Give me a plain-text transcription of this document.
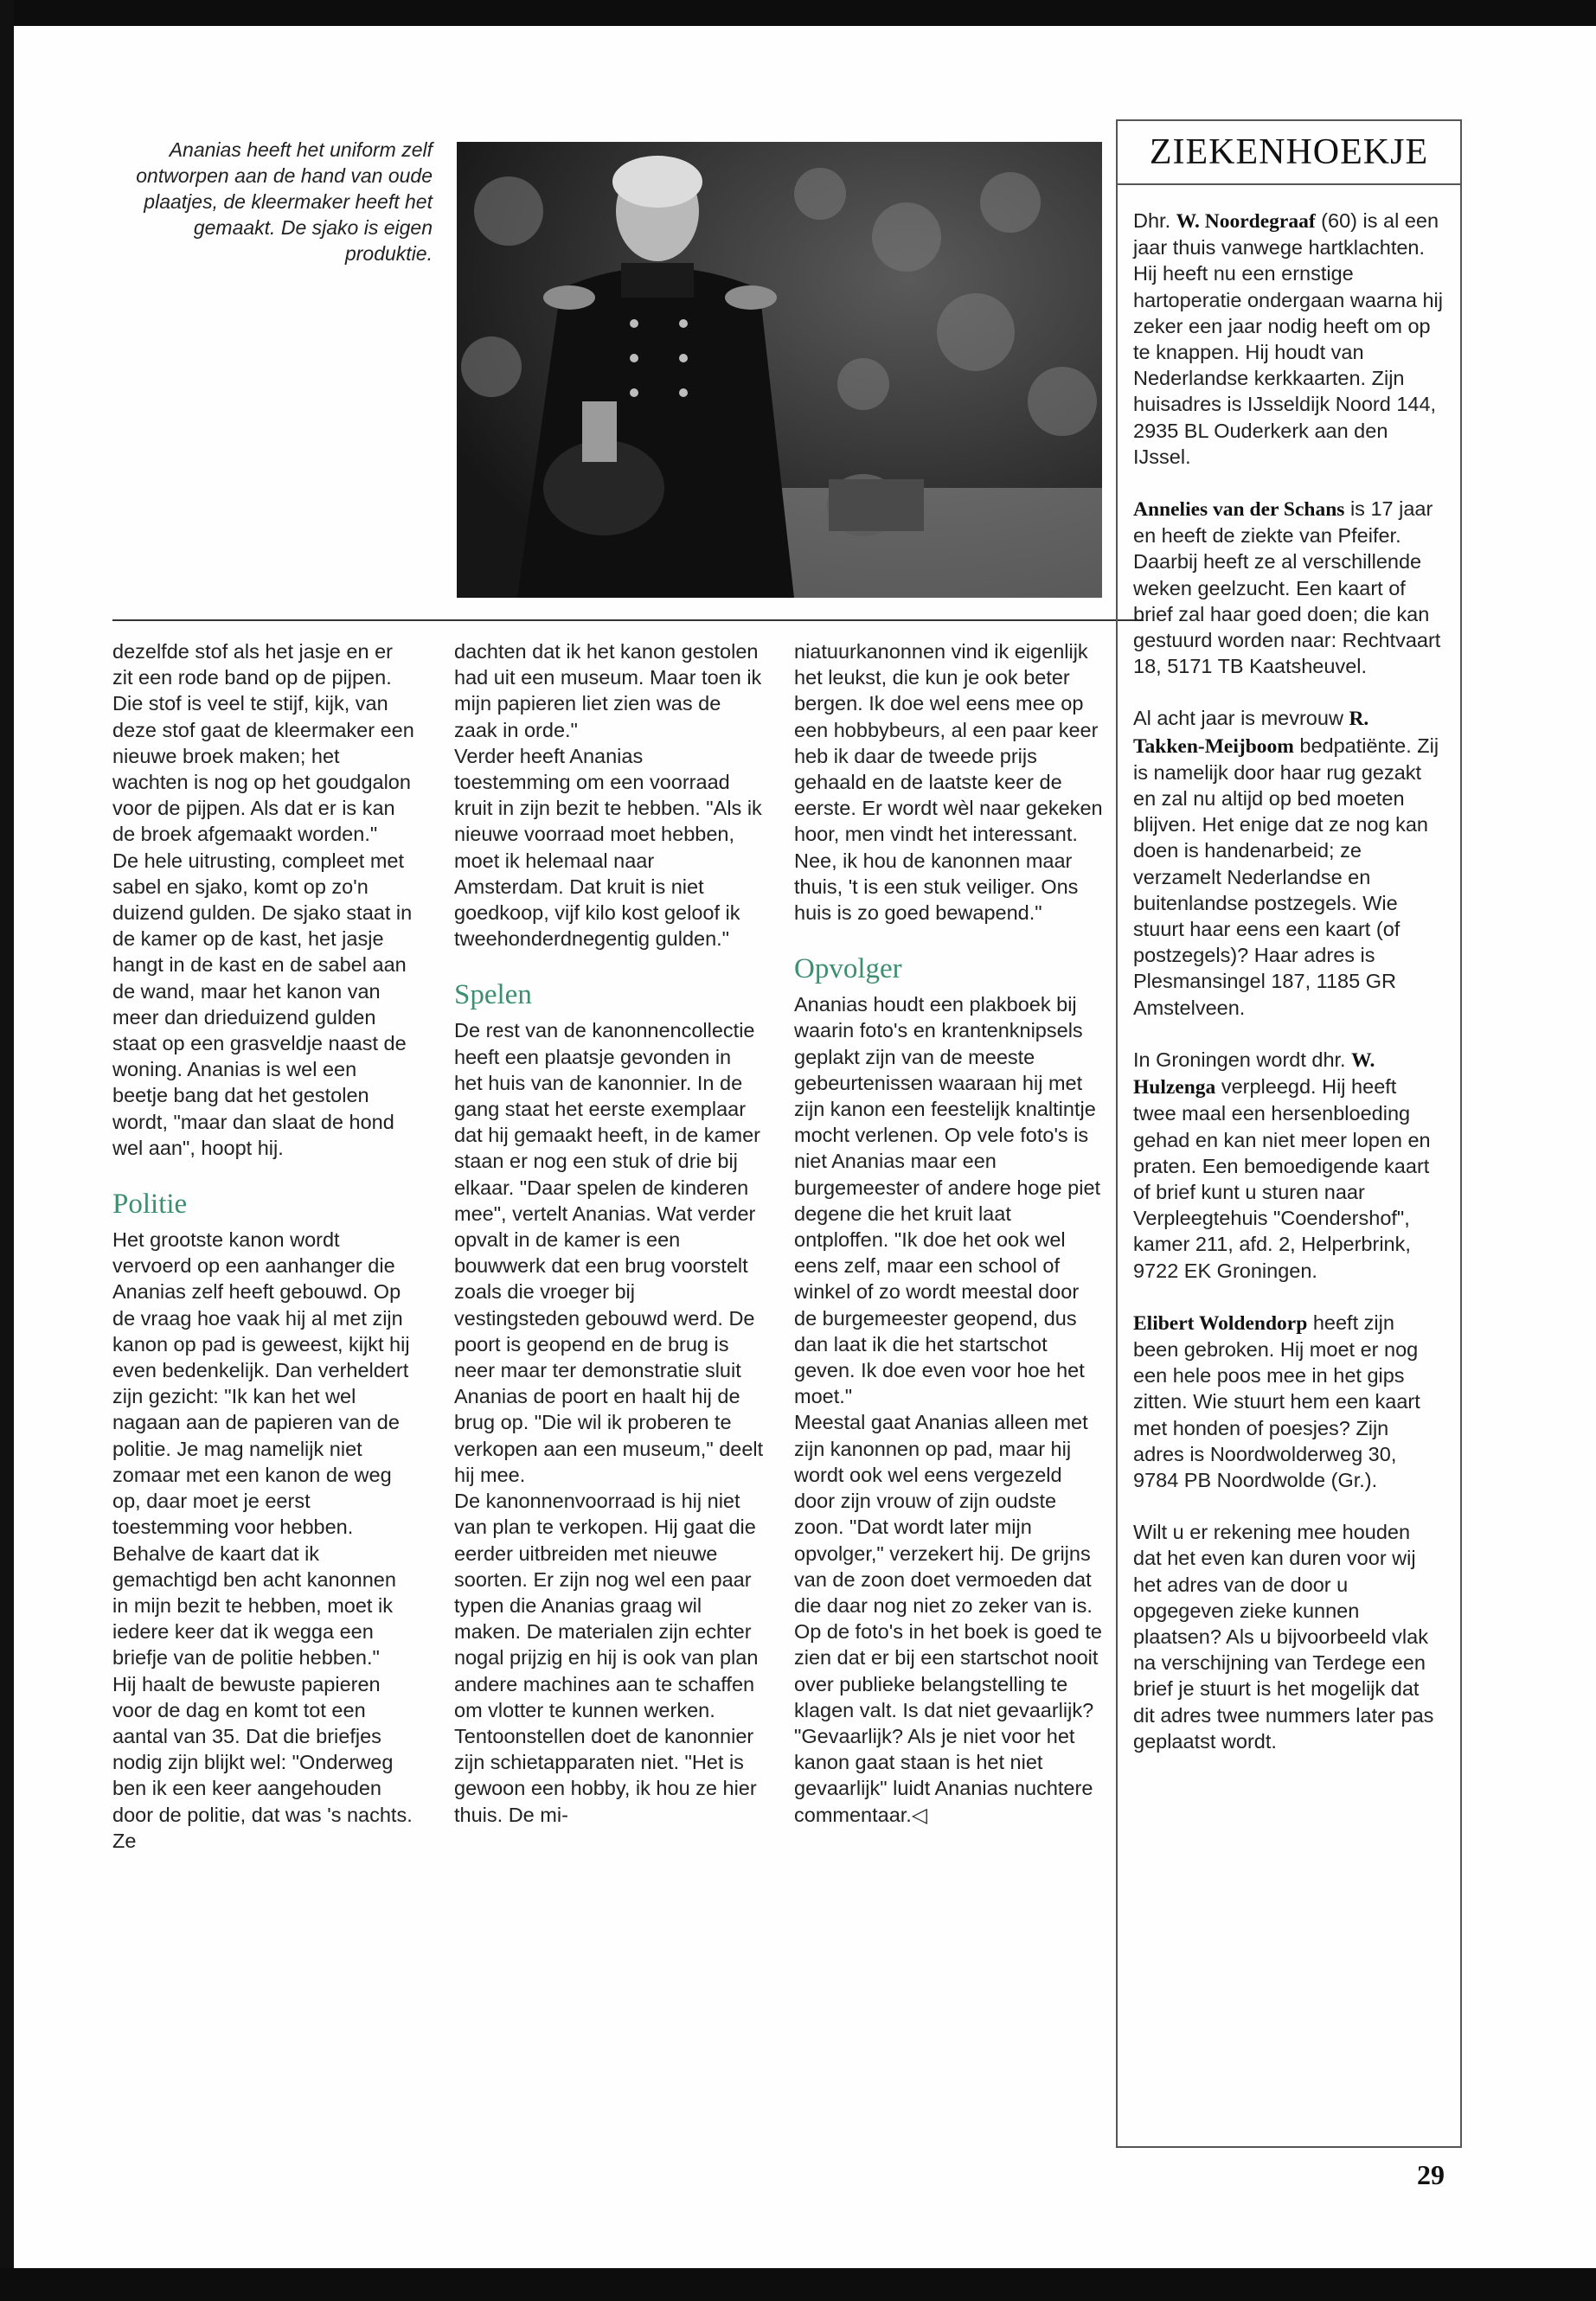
Ananias heeft het uniform zelf ontworpen aan de hand van oude plaatjes, de kleermaker heeft het gemaakt. De sjako is eigen produktie.

dezelfde stof als het jasje en er zit een rode band op de pijpen. Die stof is veel te stijf, kijk, van deze stof gaat de kleermaker een nieuwe broek maken; het wachten is nog op het goudgalon voor de pijpen. Als dat er is kan de broek afgemaakt worden."

De hele uitrusting, compleet met sabel en sjako, komt op zo'n duizend gulden. De sjako staat in de kamer op de kast, het jasje hangt in de kast en de sabel aan de wand, maar het kanon van meer dan drieduizend gulden staat op een grasveldje naast de woning. Ananias is wel een beetje bang dat het gestolen wordt, "maar dan slaat de hond wel aan", hoopt hij.

Politie

Het grootste kanon wordt vervoerd op een aanhanger die Ananias zelf heeft gebouwd. Op de vraag hoe vaak hij al met zijn kanon op pad is geweest, kijkt hij even bedenkelijk. Dan verheldert zijn gezicht: "Ik kan het wel nagaan aan de papieren van de politie. Je mag namelijk niet zomaar met een kanon de weg op, daar moet je eerst toestemming voor hebben. Behalve de kaart dat ik gemachtigd ben acht kanonnen in mijn bezit te hebben, moet ik iedere keer dat ik wegga een briefje van de politie hebben."

Hij haalt de bewuste papieren voor de dag en komt tot een aantal van 35. Dat die briefjes nodig zijn blijkt wel: "Onderweg ben ik een keer aangehouden door de politie, dat was 's nachts. Ze

dachten dat ik het kanon gestolen had uit een museum. Maar toen ik mijn papieren liet zien was de zaak in orde."

Verder heeft Ananias toestemming om een voorraad kruit in zijn bezit te hebben. "Als ik nieuwe voorraad moet hebben, moet ik helemaal naar Amsterdam. Dat kruit is niet goedkoop, vijf kilo kost geloof ik tweehonderdnegentig gulden."

Spelen

De rest van de kanonnencollectie heeft een plaatsje gevonden in het huis van de kanonnier. In de gang staat het eerste exemplaar dat hij gemaakt heeft, in de kamer staan er nog een stuk of drie bij elkaar. "Daar spelen de kinderen mee", vertelt Ananias. Wat verder opvalt in de kamer is een bouwwerk dat een brug voorstelt zoals die vroeger bij vestingsteden gebouwd werd. De poort is geopend en de brug is neer maar ter demonstratie sluit Ananias de poort en haalt hij de brug op. "Die wil ik proberen te verkopen aan een museum," deelt hij mee.

De kanonnenvoorraad is hij niet van plan te verkopen. Hij gaat die eerder uitbreiden met nieuwe soorten. Er zijn nog wel een paar typen die Ananias graag wil maken. De materialen zijn echter nogal prijzig en hij is ook van plan andere machines aan te schaffen om vlotter te kunnen werken. Tentoonstellen doet de kanonnier zijn schietapparaten niet. "Het is gewoon een hobby, ik hou ze hier thuis. De mi-

niatuurkanonnen vind ik eigenlijk het leukst, die kun je ook beter bergen. Ik doe wel eens mee op een hobbybeurs, al een paar keer heb ik daar de tweede prijs gehaald en de laatste keer de eerste. Er wordt wèl naar gekeken hoor, men vindt het interessant. Nee, ik hou de kanonnen maar thuis, 't is een stuk veiliger. Ons huis is zo goed bewapend."

Opvolger

Ananias houdt een plakboek bij waarin foto's en krantenknipsels geplakt zijn van de meeste gebeurtenissen waaraan hij met zijn kanon een feestelijk knaltintje mocht verlenen. Op vele foto's is niet Ananias maar een burgemeester of andere hoge piet degene die het kruit laat ontploffen. "Ik doe het ook wel eens zelf, maar een school of winkel of zo wordt meestal door de burgemeester geopend, dus dan laat ik die het startschot geven. Ik doe even voor hoe het moet."

Meestal gaat Ananias alleen met zijn kanonnen op pad, maar hij wordt ook wel eens vergezeld door zijn vrouw of zijn oudste zoon. "Dat wordt later mijn opvolger," verzekert hij. De grijns van de zoon doet vermoeden dat die daar nog niet zo zeker van is.

Op de foto's in het boek is goed te zien dat er bij een startschot nooit over publieke belangstelling te klagen valt. Is dat niet gevaarlijk? "Gevaarlijk? Als je niet voor het kanon gaat staan is het niet gevaarlijk" luidt Ananias nuchtere commentaar.◁

ZIEKENHOEKJE

Dhr. W. Noordegraaf (60) is al een jaar thuis vanwege hartklachten. Hij heeft nu een ernstige hartoperatie ondergaan waarna hij zeker een jaar nodig heeft om op te knappen. Hij houdt van Nederlandse kerkkaarten. Zijn huisadres is IJsseldijk Noord 144, 2935 BL Ouderkerk aan den IJssel.

Annelies van der Schans is 17 jaar en heeft de ziekte van Pfeifer. Daarbij heeft ze al verschillende weken geelzucht. Een kaart of brief zal haar goed doen; die kan gestuurd worden naar: Rechtvaart 18, 5171 TB Kaatsheuvel.

Al acht jaar is mevrouw R. Takken-Meijboom bedpatiënte. Zij is namelijk door haar rug gezakt en zal nu altijd op bed moeten blijven. Het enige dat ze nog kan doen is handenarbeid; ze verzamelt Nederlandse en buitenlandse postzegels. Wie stuurt haar eens een kaart (of postzegels)? Haar adres is Plesmansingel 187, 1185 GR Amstelveen.

In Groningen wordt dhr. W. Hulzenga verpleegd. Hij heeft twee maal een hersenbloeding gehad en kan niet meer lopen en praten. Een bemoedigende kaart of brief kunt u sturen naar Verpleegtehuis "Coendershof", kamer 211, afd. 2, Helperbrink, 9722 EK Groningen.

Elibert Woldendorp heeft zijn been gebroken. Hij moet er nog een hele poos mee in het gips zitten. Wie stuurt hem een kaart met honden of poesjes? Zijn adres is Noordwolderweg 30, 9784 PB Noordwolde (Gr.).

Wilt u er rekening mee houden dat het even kan duren voor wij het adres van de door u opgegeven zieke kunnen plaatsen? Als u bijvoorbeeld vlak na verschijning van Terdege een brief je stuurt is het mogelijk dat dit adres twee nummers later pas geplaatst wordt.

29
